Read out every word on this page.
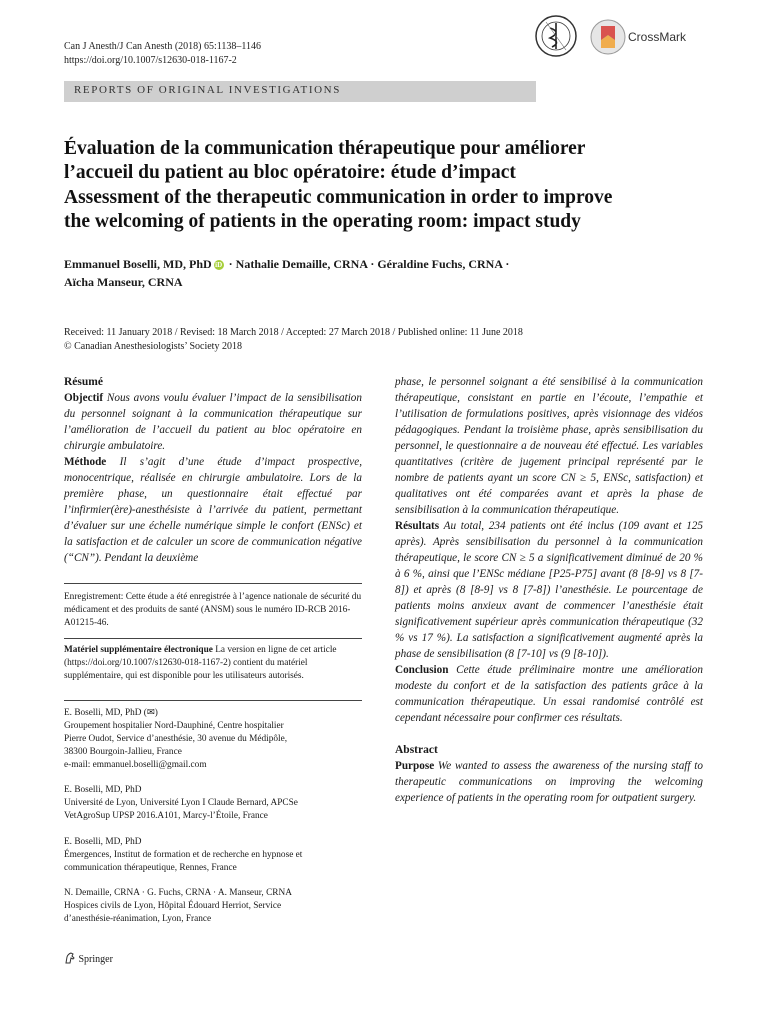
Can J Anesth/J Can Anesth (2018) 65:1138–1146
https://doi.org/10.1007/s12630-018-1167-2
CrossMark
REPORTS OF ORIGINAL INVESTIGATIONS
Évaluation de la communication thérapeutique pour améliorer
l’accueil du patient au bloc opératoire: étude d’impact
Assessment of the therapeutic communication in order to improve
the welcoming of patients in the operating room: impact study
Emmanuel Boselli, MD, PhD iD · Nathalie Demaille, CRNA · Géraldine Fuchs, CRNA ·
Aïcha Manseur, CRNA
Received: 11 January 2018 / Revised: 18 March 2018 / Accepted: 27 March 2018 / Published online: 11 June 2018
© Canadian Anesthesiologists’ Society 2018
Résumé
Objectif Nous avons voulu évaluer l’impact de la sensibilisation du personnel soignant à la communication thérapeutique sur l’amélioration de l’accueil du patient au bloc opératoire en chirurgie ambulatoire.
Méthode Il s’agit d’une étude d’impact prospective, monocentrique, réalisée en chirurgie ambulatoire. Lors de la première phase, un questionnaire était effectué par l’infirmier(ère)-anesthésiste à l’arrivée du patient, permettant d’évaluer sur une échelle numérique simple le confort (ENSc) et la satisfaction et de calculer un score de communication négative (“CN”). Pendant la deuxième
Enregistrement: Cette étude a été enregistrée à l’agence nationale de sécurité du médicament et des produits de santé (ANSM) sous le numéro ID-RCB 2016-A01215-46.
Matériel supplémentaire électronique La version en ligne de cet article (https://doi.org/10.1007/s12630-018-1167-2) contient du matériel supplémentaire, qui est disponible pour les utilisateurs autorisés.
E. Boselli, MD, PhD (✉)
Groupement hospitalier Nord-Dauphiné, Centre hospitalier
Pierre Oudot, Service d’anesthésie, 30 avenue du Médipôle,
38300 Bourgoin-Jallieu, France
e-mail: emmanuel.boselli@gmail.com
E. Boselli, MD, PhD
Université de Lyon, Université Lyon I Claude Bernard, APCSe
VetAgroSup UPSP 2016.A101, Marcy-l’Étoile, France
E. Boselli, MD, PhD
Émergences, Institut de formation et de recherche en hypnose et
communication thérapeutique, Rennes, France
N. Demaille, CRNA · G. Fuchs, CRNA · A. Manseur, CRNA
Hospices civils de Lyon, Hôpital Édouard Herriot, Service
d’anesthésie-réanimation, Lyon, France
Springer
phase, le personnel soignant a été sensibilisé à la communication thérapeutique, consistant en partie en l’écoute, l’empathie et l’utilisation de formulations positives, après visionnage des vidéos pédagogiques. Pendant la troisième phase, après sensibilisation du personnel, le questionnaire a de nouveau été effectué. Les variables quantitatives (critère de jugement principal représenté par le nombre de patients ayant un score CN ≥ 5, ENSc, satisfaction) et qualitatives ont été comparées avant et après la phase de sensibilisation à la communication thérapeutique.
Résultats Au total, 234 patients ont été inclus (109 avant et 125 après). Après sensibilisation du personnel à la communication thérapeutique, le score CN ≥ 5 a significativement diminué de 20 % à 6 %, ainsi que l’ENSc médiane [P25-P75] avant (8 [8-9] vs 8 [7-8]) et après (8 [8-9] vs 8 [7-8]) l’anesthésie. Le pourcentage de patients moins anxieux avant de commencer l’anesthésie était significativement supérieur après communication thérapeutique (32 % vs 17 %). La satisfaction a significativement augmenté après la phase de sensibilisation (8 [7-10] vs (9 [8-10]).
Conclusion Cette étude préliminaire montre une amélioration modeste du confort et de la satisfaction des patients grâce à la communication thérapeutique. Un essai randomisé contrôlé est cependant nécessaire pour confirmer ces résultats.
Abstract
Purpose We wanted to assess the awareness of the nursing staff to therapeutic communications on improving the welcoming experience of patients in the operating room for outpatient surgery.
